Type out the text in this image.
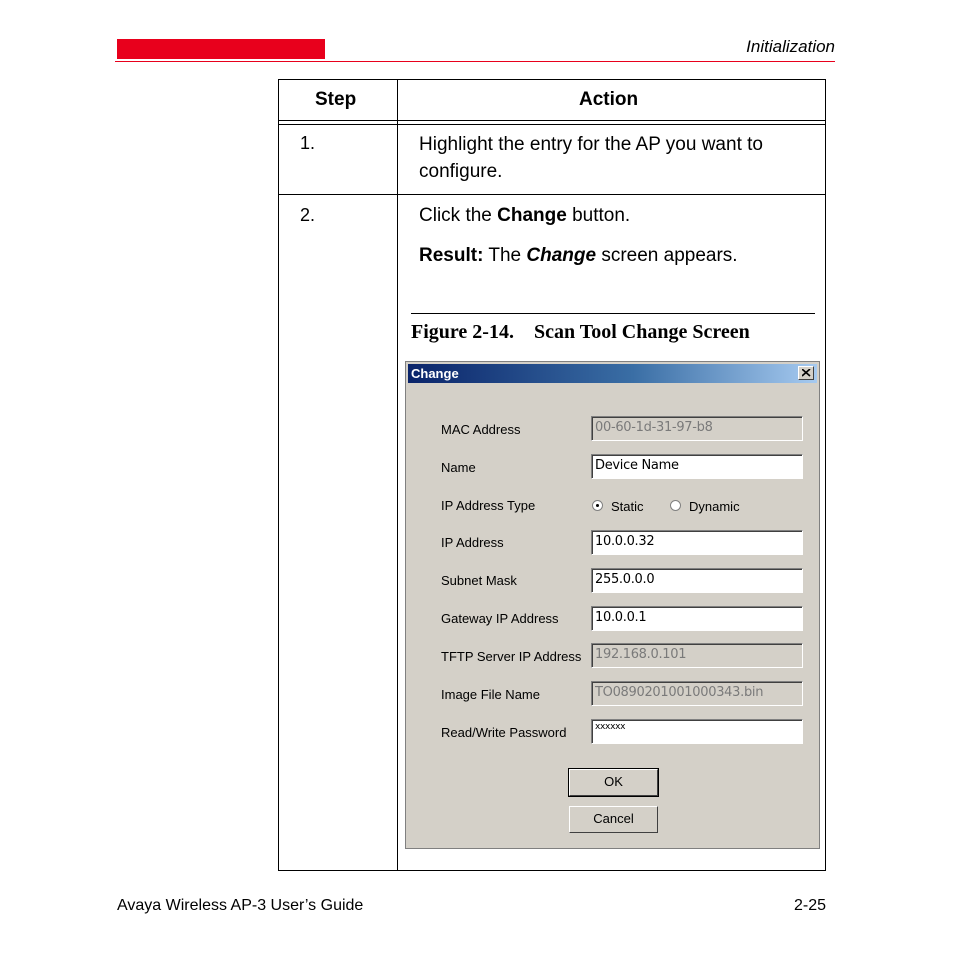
Initialization
Step	Action
1.	Highlight the entry for the AP you want to configure.
2.	Click the Change button.
Result: The Change screen appears.
Figure 2-14. Scan Tool Change Screen
Change
MAC Address	00-60-1d-31-97-b8
Name	Device Name
IP Address Type	Static	Dynamic
IP Address	10.0.0.32
Subnet Mask	255.0.0.0
Gateway IP Address	10.0.0.1
TFTP Server IP Address	192.168.0.101
Image File Name	TO0890201001000343.bin
Read/Write Password	xxxxxx
OK
Cancel
Avaya Wireless AP-3 User’s Guide	2-25
